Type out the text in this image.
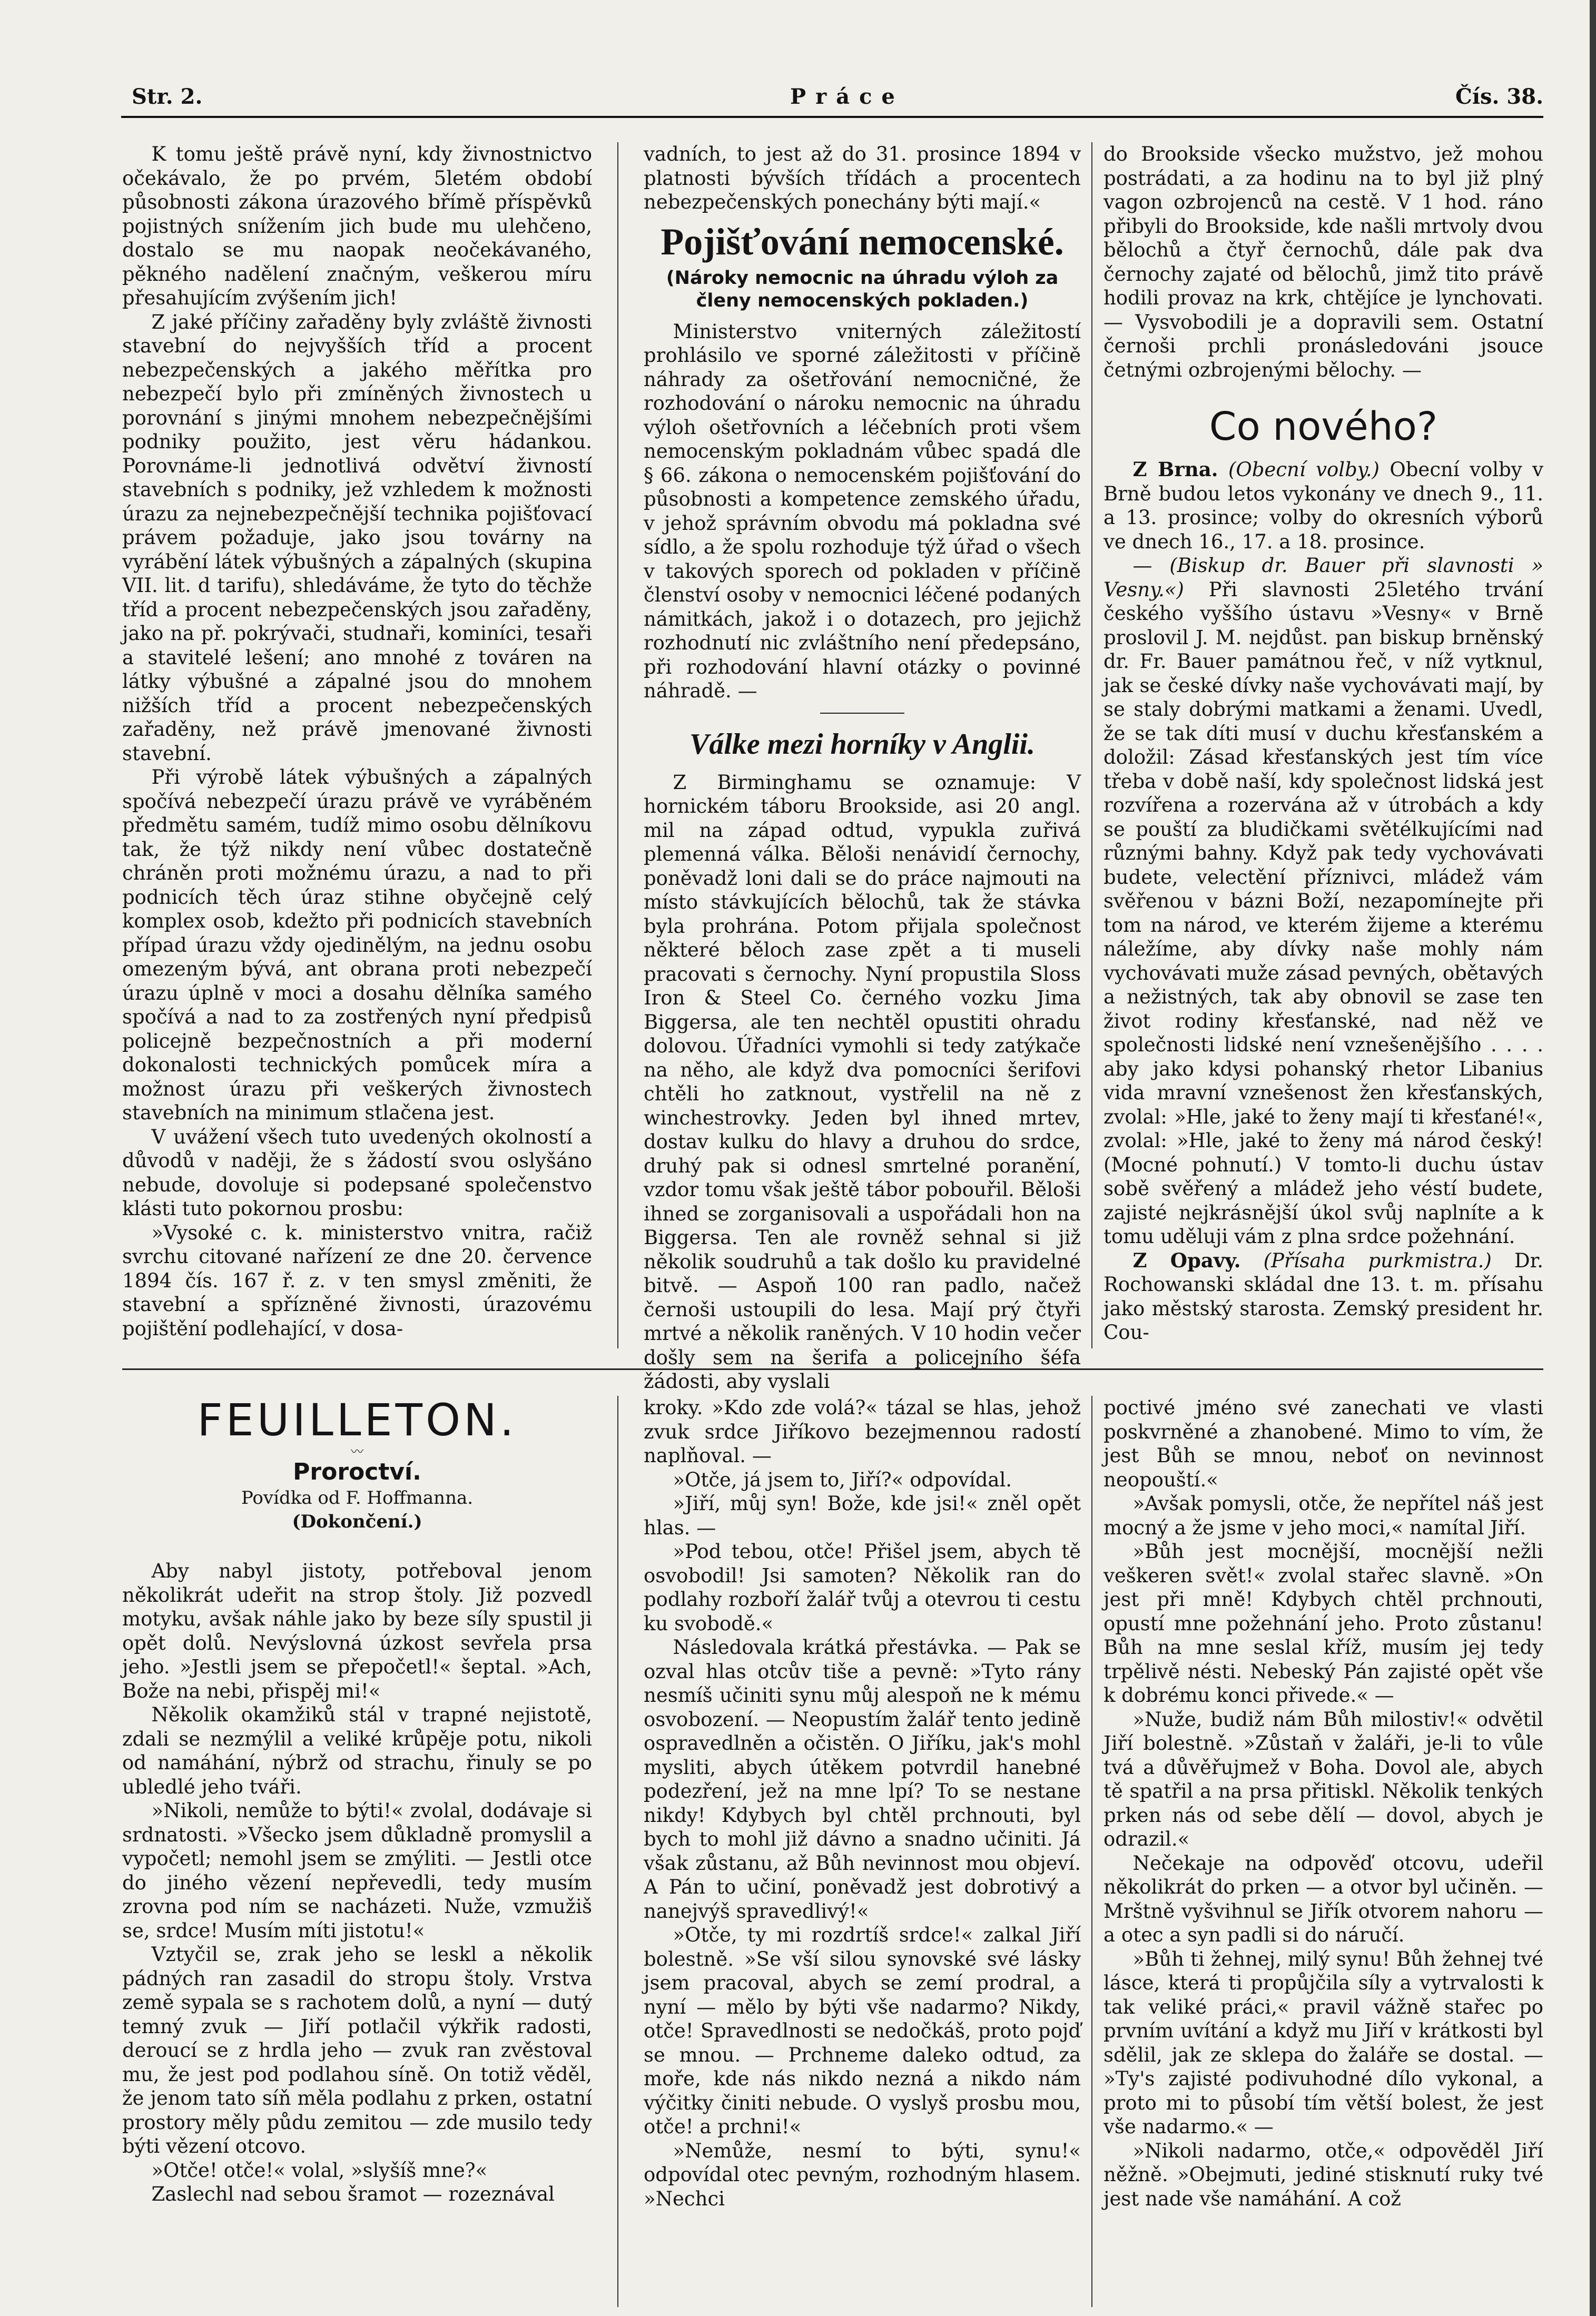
Str. 2.	Práce	Čís. 38.

K tomu ještě právě nyní, kdy živnostnictvo očekávalo, že po prvém, 5letém období působnosti zákona úrazového břímě příspěvků pojistných snížením jich bude mu ulehčeno, dostalo se mu naopak neočekávaného, pěkného nadělení značným, veškerou míru přesahujícím zvýšením jich!

Z jaké příčiny zařaděny byly zvláště živnosti stavební do nejvyšších tříd a procent nebezpečenských a jakého měřítka pro nebezpečí bylo při zmíněných živnostech u porovnání s jinými mnohem nebezpečnějšími podniky použito, jest věru hádankou. Porovnáme-li jednotlivá odvětví živností stavebních s podniky, jež vzhledem k možnosti úrazu za nejnebezpečnější technika pojišťovací právem požaduje, jako jsou továrny na vyrábění látek výbušných a zápalných (skupina VII. lit. d tarifu), shledáváme, že tyto do těchže tříd a procent nebezpečenských jsou zařaděny, jako na př. pokrývači, studnaři, kominíci, tesaři a stavitelé lešení; ano mnohé z továren na látky výbušné a zápalné jsou do mnohem nižších tříd a procent nebezpečenských zařaděny, než právě jmenované živnosti stavební.

Při výrobě látek výbušných a zápalných spočívá nebezpečí úrazu právě ve vyráběném předmětu samém, tudíž mimo osobu dělníkovu tak, že týž nikdy není vůbec dostatečně chráněn proti možnému úrazu, a nad to při podnicích těch úraz stihne obyčejně celý komplex osob, kdežto při podnicích stavebních případ úrazu vždy ojedinělým, na jednu osobu omezeným bývá, ant obrana proti nebezpečí úrazu úplně v moci a dosahu dělníka samého spočívá a nad to za zostřených nyní předpisů policejně bezpečnostních a při moderní dokonalosti technických pomůcek míra a možnost úrazu při veškerých živnostech stavebních na minimum stlačena jest.

V uvážení všech tuto uvedených okolností a důvodů v naději, že s žádostí svou oslyšáno nebude, dovoluje si podepsané společenstvo klásti tuto pokornou prosbu:

»Vysoké c. k. ministerstvo vnitra, račiž svrchu citované nařízení ze dne 20. července 1894 čís. 167 ř. z. v ten smysl změniti, že stavební a spřízněné živnosti, úrazovému pojištění podlehající, v dosa-

vadních, to jest až do 31. prosince 1894 v platnosti bývších třídách a procentech nebezpečenských ponechány býti mají.«

Pojišťování nemocenské.
(Nároky nemocnic na úhradu výloh za členy nemocenských pokladen.)

Ministerstvo vniterných záležitostí prohlásilo ve sporné záležitosti v příčině náhrady za ošetřování nemocničné, že rozhodování o nároku nemocnic na úhradu výloh ošetřovních a léčebních proti všem nemocenským pokladnám vůbec spadá dle § 66. zákona o nemocenském pojišťování do působnosti a kompetence zemského úřadu, v jehož správním obvodu má pokladna své sídlo, a že spolu rozhoduje týž úřad o všech v takových sporech od pokladen v příčině členství osoby v nemocnici léčené podaných námitkách, jakož i o dotazech, pro jejichž rozhodnutí nic zvláštního není předepsáno, při rozhodování hlavní otázky o povinné náhradě. —

Válke mezi horníky v Anglii.

Z Birminghamu se oznamuje: V hornickém táboru Brookside, asi 20 angl. mil na západ odtud, vypukla zuřivá plemenná válka. Běloši nenávidí černochy, poněvadž loni dali se do práce najmouti na místo stávkujících bělochů, tak že stávka byla prohrána. Potom přijala společnost některé běloch zase zpět a ti museli pracovati s černochy. Nyní propustila Sloss Iron & Steel Co. černého vozku Jima Biggersa, ale ten nechtěl opustiti ohradu dolovou. Úřadníci vymohli si tedy zatýkače na něho, ale když dva pomocníci šerifovi chtěli ho zatknout, vystřelil na ně z winchestrovky. Jeden byl ihned mrtev, dostav kulku do hlavy a druhou do srdce, druhý pak si odnesl smrtelné poranění, vzdor tomu však ještě tábor pobouřil. Běloši ihned se zorganisovali a uspořádali hon na Biggersa. Ten ale rovněž sehnal si již několik soudruhů a tak došlo ku pravidelné bitvě. — Aspoň 100 ran padlo, načež černoši ustoupili do lesa. Mají prý čtyři mrtvé a několik raněných. V 10 hodin večer došly sem na šerifa a policejního šéfa žádosti, aby vyslali

do Brookside všecko mužstvo, jež mohou postrádati, a za hodinu na to byl již plný vagon ozbrojenců na cestě. V 1 hod. ráno přibyli do Brookside, kde našli mrtvoly dvou bělochů a čtyř černochů, dále pak dva černochy zajaté od bělochů, jimž tito právě hodili provaz na krk, chtějíce je lynchovati. — Vysvobodili je a dopravili sem. Ostatní černoši prchli pronásledováni jsouce četnými ozbrojenými bělochy. —

Co nového?

Z Brna. (Obecní volby.) Obecní volby v Brně budou letos vykonány ve dnech 9., 11. a 13. prosince; volby do okresních výborů ve dnech 16., 17. a 18. prosince.

— (Biskup dr. Bauer při slavnosti » Vesny.«) Při slavnosti 25letého trvání českého vyššího ústavu »Vesny« v Brně proslovil J. M. nejdůst. pan biskup brněnský dr. Fr. Bauer památnou řeč, v níž vytknul, jak se české dívky naše vychovávati mají, by se staly dobrými matkami a ženami. Uvedl, že se tak díti musí v duchu křesťanském a doložil: Zásad křesťanských jest tím více třeba v době naší, kdy společnost lidská jest rozvířena a rozervána až v útrobách a kdy se pouští za bludičkami světélkujícími nad různými bahny. Když pak tedy vychovávati budete, velectění příznivci, mládež vám svěřenou v bázni Boží, nezapomínejte při tom na národ, ve kterém žijeme a kterému náležíme, aby dívky naše mohly nám vychovávati muže zásad pevných, obětavých a nežistných, tak aby obnovil se zase ten život rodiny křesťanské, nad něž ve společnosti lidské není vznešenějšího . . . . aby jako kdysi pohanský rhetor Libanius vida mravní vznešenost žen křesťanských, zvolal: »Hle, jaké to ženy mají ti křesťané!«, zvolal: »Hle, jaké to ženy má národ český! (Mocné pohnutí.) V tomto-li duchu ústav sobě svěřený a mládež jeho véstí budete, zajisté nejkrásnější úkol svůj naplníte a k tomu uděluji vám z plna srdce požehnání.

Z Opavy. (Přísaha purkmistra.) Dr. Rochowanski skládal dne 13. t. m. přísahu jako městský starosta. Zemský president hr. Cou-

FEUILLETON.
〰
Proroctví.
Povídka od F. Hoffmanna.
(Dokončení.)

Aby nabyl jistoty, potřeboval jenom několikrát udeřit na strop štoly. Již pozvedl motyku, avšak náhle jako by beze síly spustil ji opět dolů. Nevýslovná úzkost sevřela prsa jeho. »Jestli jsem se přepočetl!« šeptal. »Ach, Bože na nebi, přispěj mi!«

Několik okamžiků stál v trapné nejistotě, zdali se nezmýlil a veliké krůpěje potu, nikoli od namáhání, nýbrž od strachu, řinuly se po ubledlé jeho tváři.

»Nikoli, nemůže to býti!« zvolal, dodávaje si srdnatosti. »Všecko jsem důkladně promyslil a vypočetl; nemohl jsem se zmýliti. — Jestli otce do jiného vězení nepřevedli, tedy musím zrovna pod ním se nacházeti. Nuže, vzmužiš se, srdce! Musím míti jistotu!«

Vztyčil se, zrak jeho se leskl a několik pádných ran zasadil do stropu štoly. Vrstva země sypala se s rachotem dolů, a nyní — dutý temný zvuk — Jiří potlačil výkřik radosti, deroucí se z hrdla jeho — zvuk ran zvěstoval mu, že jest pod podlahou síně. On totiž věděl, že jenom tato síň měla podlahu z prken, ostatní prostory měly půdu zemitou — zde musilo tedy býti vězení otcovo.

»Otče! otče!« volal, »slyšíš mne?«

Zaslechl nad sebou šramot — rozeznával

kroky. »Kdo zde volá?« tázal se hlas, jehož zvuk srdce Jiříkovo bezejmennou radostí naplňoval. —

»Otče, já jsem to, Jiří?« odpovídal.

»Jiří, můj syn! Bože, kde jsi!« zněl opět hlas. —

»Pod tebou, otče! Přišel jsem, abych tě osvobodil! Jsi samoten? Několik ran do podlahy rozboří žalář tvůj a otevrou ti cestu ku svobodě.«

Následovala krátká přestávka. — Pak se ozval hlas otcův tiše a pevně: »Tyto rány nesmíš učiniti synu můj alespoň ne k mému osvobození. — Neopustím žalář tento jedině ospravedlněn a očistěn. O Jiříku, jak's mohl mysliti, abych útěkem potvrdil hanebné podezření, jež na mne lpí? To se nestane nikdy! Kdybych byl chtěl prchnouti, byl bych to mohl již dávno a snadno učiniti. Já však zůstanu, až Bůh nevinnost mou objeví. A Pán to učiní, poněvadž jest dobrotivý a nanejvýš spravedlivý!«

»Otče, ty mi rozdrtíš srdce!« zalkal Jiří bolestně. »Se vší silou synovské své lásky jsem pracoval, abych se zemí prodral, a nyní — mělo by býti vše nadarmo? Nikdy, otče! Spravedlnosti se nedočkáš, proto pojď se mnou. — Prchneme daleko odtud, za moře, kde nás nikdo nezná a nikdo nám výčitky činiti nebude. O vyslyš prosbu mou, otče! a prchni!«

»Nemůže, nesmí to býti, synu!« odpovídal otec pevným, rozhodným hlasem. »Nechci

poctivé jméno své zanechati ve vlasti poskvrněné a zhanobené. Mimo to vím, že jest Bůh se mnou, neboť on nevinnost neopouští.«

»Avšak pomysli, otče, že nepřítel náš jest mocný a že jsme v jeho moci,« namítal Jiří.

»Bůh jest mocnější, mocnější nežli veškeren svět!« zvolal stařec slavně. »On jest při mně! Kdybych chtěl prchnouti, opustí mne požehnání jeho. Proto zůstanu! Bůh na mne seslal kříž, musím jej tedy trpělivě nésti. Nebeský Pán zajisté opět vše k dobrému konci přivede.« —

»Nuže, budiž nám Bůh milostiv!« odvětil Jiří bolestně. »Zůstaň v žaláři, je-li to vůle tvá a důvěřujmež v Boha. Dovol ale, abych tě spatřil a na prsa přitiskl. Několik tenkých prken nás od sebe dělí — dovol, abych je odrazil.«

Nečekaje na odpověď otcovu, udeřil několikrát do prken — a otvor byl učiněn. — Mrštně vyšvihnul se Jiřík otvorem nahoru — a otec a syn padli si do náručí.

»Bůh ti žehnej, milý synu! Bůh žehnej tvé lásce, která ti propůjčila síly a vytrvalosti k tak veliké práci,« pravil vážně stařec po prvním uvítání a když mu Jiří v krátkosti byl sdělil, jak ze sklepa do žaláře se dostal. — »Ty's zajisté podivuhodné dílo vykonal, a proto mi to působí tím větší bolest, že jest vše nadarmo.« —

»Nikoli nadarmo, otče,« odpověděl Jiří něžně. »Obejmuti, jediné stisknutí ruky tvé jest nade vše namáhání. A což
